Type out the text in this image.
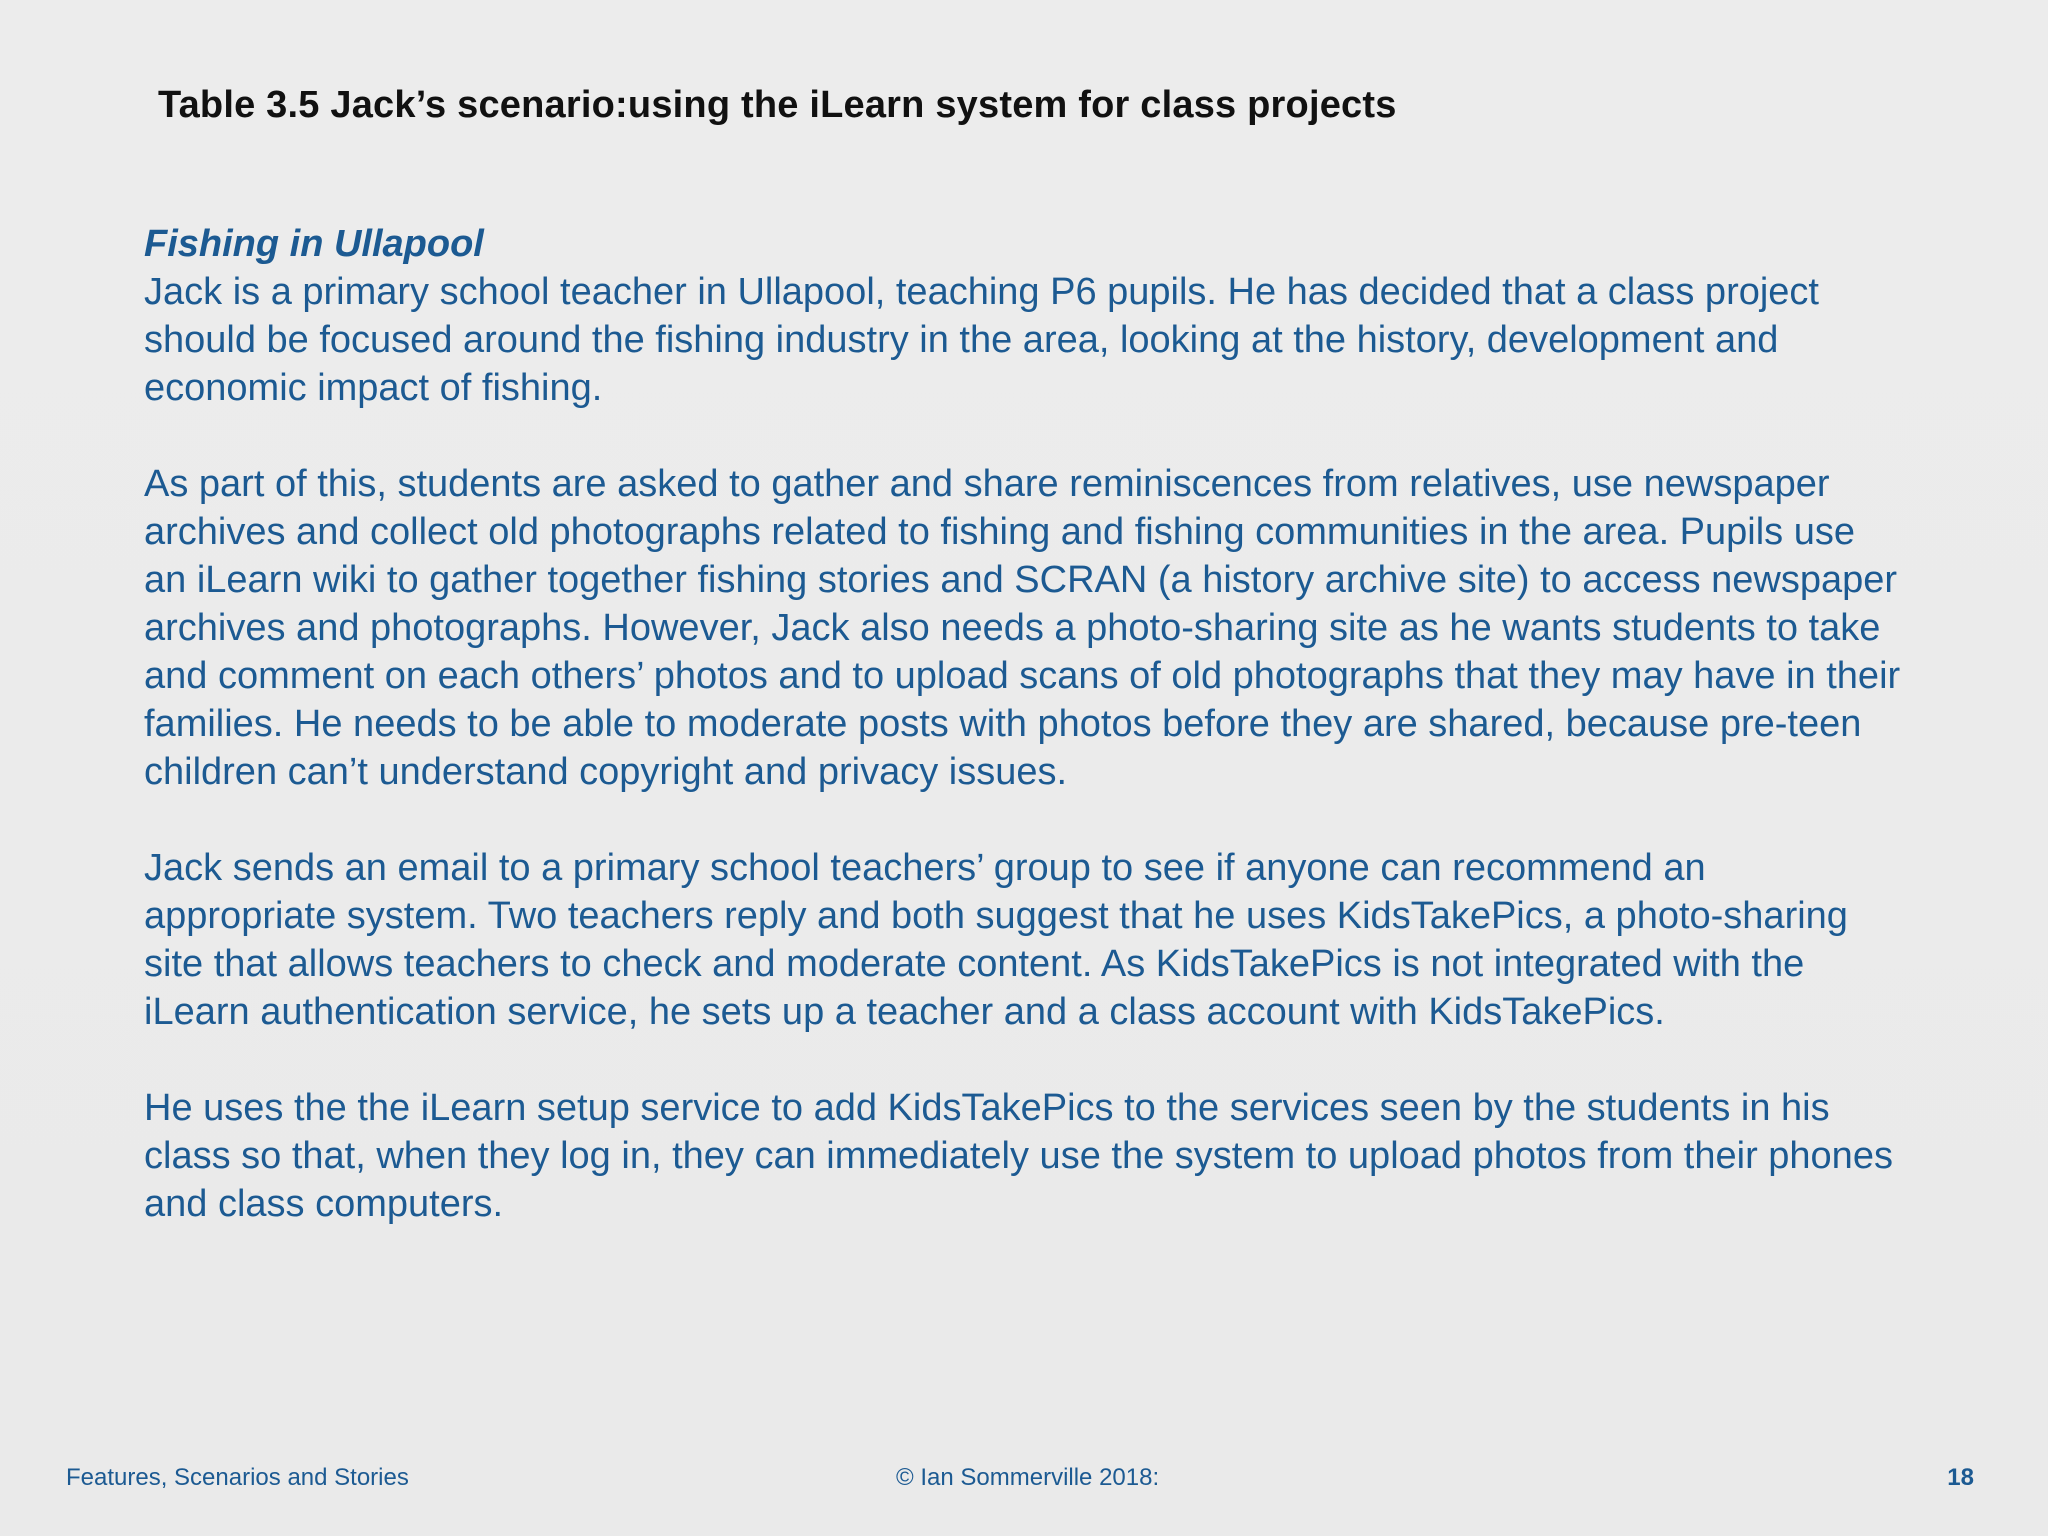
Table 3.5 Jack’s scenario:using the iLearn system for class projects

Fishing in Ullapool

Jack is a primary school teacher in Ullapool, teaching P6 pupils. He has decided that a class project should be focused around the fishing industry in the area, looking at the history, development and economic impact of fishing.

As part of this, students are asked to gather and share reminiscences from relatives, use newspaper archives and collect old photographs related to fishing and fishing communities in the area. Pupils use an iLearn wiki to gather together fishing stories and SCRAN (a history archive site) to access newspaper archives and photographs. However, Jack also needs a photo-sharing site as he wants students to take and comment on each others’ photos and to upload scans of old photographs that they may have in their families. He needs to be able to moderate posts with photos before they are shared, because pre-teen children can’t understand copyright and privacy issues.

Jack sends an email to a primary school teachers’ group to see if anyone can recommend an appropriate system. Two teachers reply and both suggest that he uses KidsTakePics, a photo-sharing site that allows teachers to check and moderate content. As KidsTakePics is not integrated with the iLearn authentication service, he sets up a teacher and a class account with KidsTakePics.

He uses the the iLearn setup service to add KidsTakePics to the services seen by the students in his class so that, when they log in, they can immediately use the system to upload photos from their phones and class computers.

Features, Scenarios and Stories	© Ian Sommerville 2018:	18
